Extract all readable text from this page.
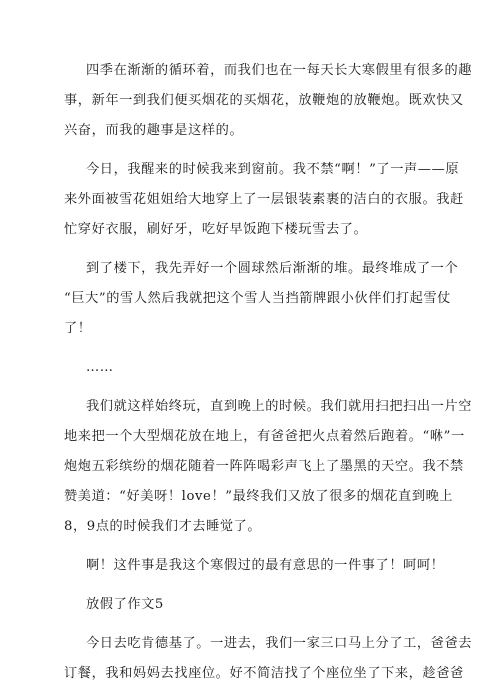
四季在渐渐的循环着，而我们也在一每天长大寒假里有很多的趣
事，新年一到我们便买烟花的买烟花，放鞭炮的放鞭炮。既欢快又
兴奋，而我的趣事是这样的。
今日，我醒来的时候我来到窗前。我不禁“啊！”了一声——原
来外面被雪花姐姐给大地穿上了一层银装素裹的洁白的衣服。我赶
忙穿好衣服，刷好牙，吃好早饭跑下楼玩雪去了。
到了楼下，我先弄好一个圆球然后渐渐的堆。最终堆成了一个
“巨大”的雪人然后我就把这个雪人当挡箭牌跟小伙伴们打起雪仗
了！
……
我们就这样始终玩，直到晚上的时候。我们就用扫把扫出一片空
地来把一个大型烟花放在地上，有爸爸把火点着然后跑着。“咻”一
炮炮五彩缤纷的烟花随着一阵阵喝彩声飞上了墨黑的天空。我不禁
赞美道：“好美呀！love！”最终我们又放了很多的烟花直到晚上
8，9点的时候我们才去睡觉了。
啊！这件事是我这个寒假过的最有意思的一件事了！呵呵！
放假了作文5
今日去吃肯德基了。一进去，我们一家三口马上分了工，爸爸去
订餐，我和妈妈去找座位。好不简洁找了个座位坐了下来，趁爸爸
